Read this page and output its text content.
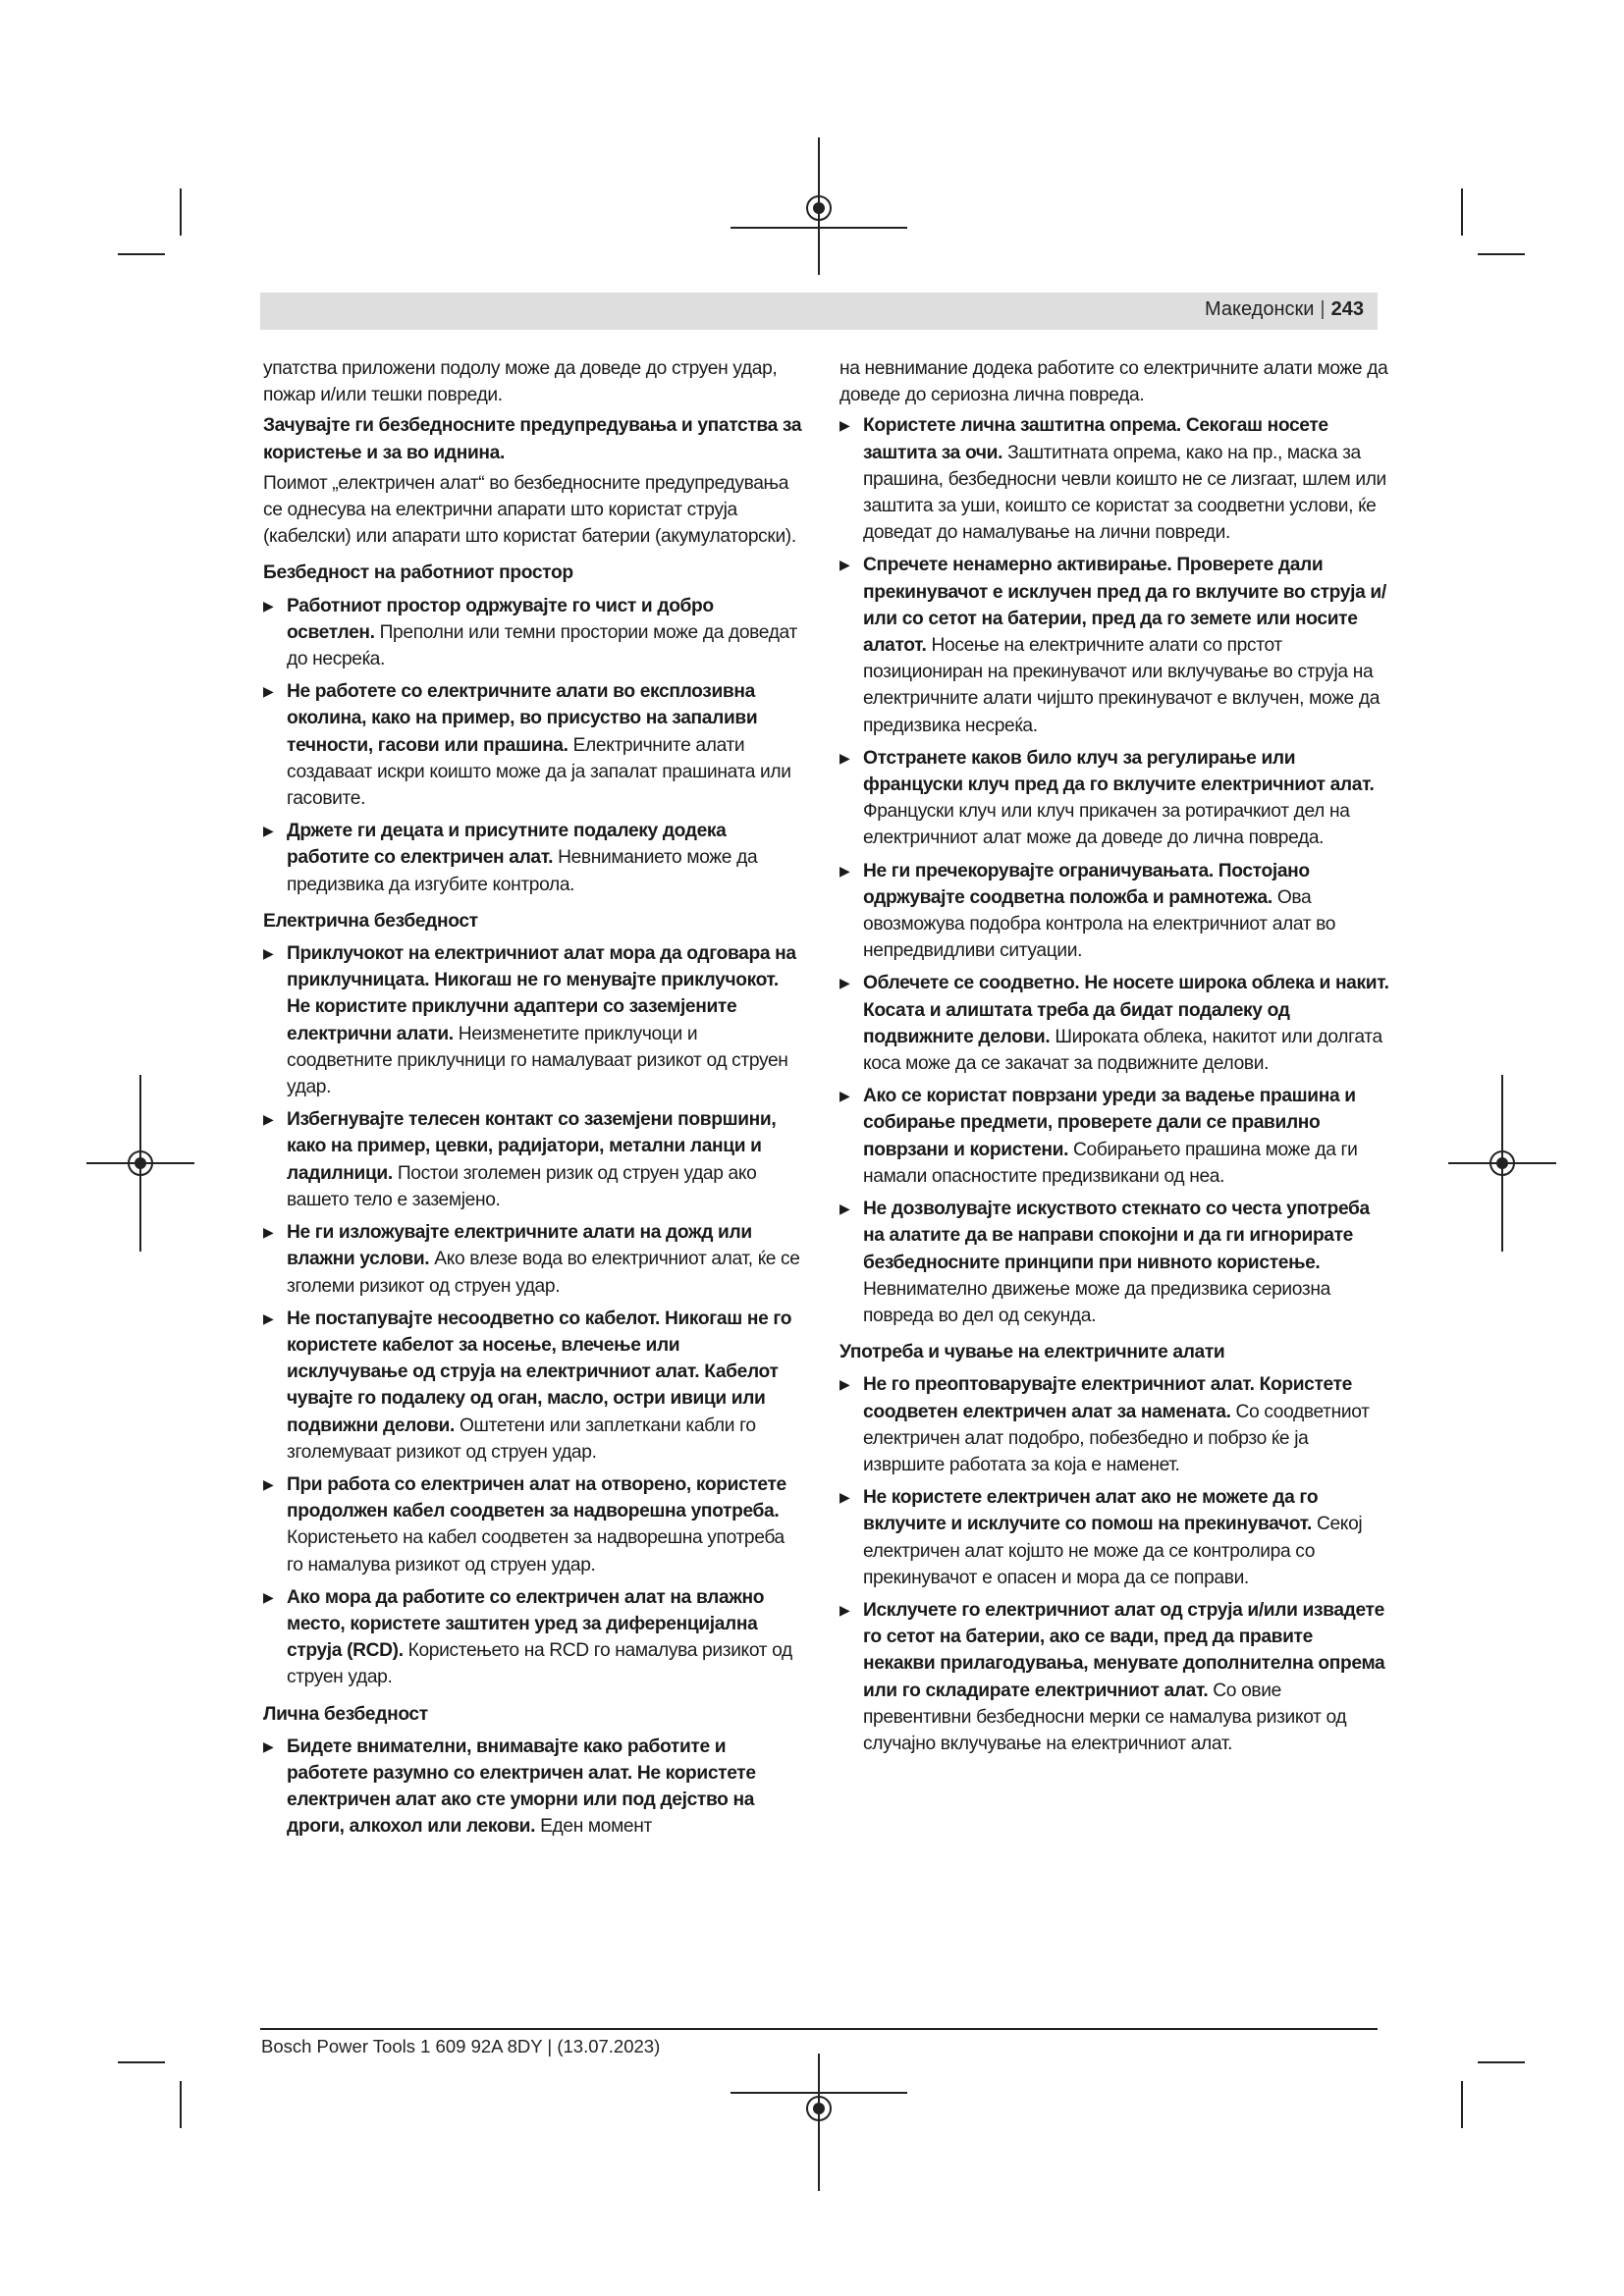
Македонски | 243

упатства приложени подолу може да доведе до струен удар, пожар и/или тешки повреди.

Зачувајте ги безбедносните предупредувања и упатства за користење и за во иднина.

Поимот „електричен алат“ во безбедносните предупредувања се однесува на електрични апарати што користат струја (кабелски) или апарати што користат батерии (акумулаторски).

Безбедност на работниот простор
▶ Работниот простор одржувајте го чист и добро осветлен. Преполни или темни простории може да доведат до несреќа.
▶ Не работете со електричните алати во експлозивна околина, како на пример, во присуство на запаливи течности, гасови или прашина. Електричните алати создаваат искри коишто може да ја запалат прашината или гасовите.
▶ Држете ги децата и присутните подалеку додека работите со електричен алат. Невниманието може да предизвика да изгубите контрола.
Електрична безбедност
▶ Приклучокот на електричниот алат мора да одговара на приклучницата. Никогаш не го менувајте приклучокот. Не користите приклучни адаптери со заземјените електрични алати. Неизменетите приклучоци и соодветните приклучници го намалуваат ризикот од струен удар.
▶ Избегнувајте телесен контакт со заземјени површини, како на пример, цевки, радијатори, метални ланци и ладилници. Постои зголемен ризик од струен удар ако вашето тело е заземјено.
▶ Не ги изложувајте електричните алати на дожд или влажни услови. Ако влезе вода во електричниот алат, ќе се зголеми ризикот од струен удар.
▶ Не постапувајте несоодветно со кабелот. Никогаш не го користете кабелот за носење, влечење или исклучување од струја на електричниот алат. Кабелот чувајте го подалеку од оган, масло, остри ивици или подвижни делови. Оштетени или заплеткани кабли го зголемуваат ризикот од струен удар.
▶ При работа со електричен алат на отворено, користете продолжен кабел соодветен за надворешна употреба. Користењето на кабел соодветен за надворешна употреба го намалува ризикот од струен удар.
▶ Ако мора да работите со електричен алат на влажно место, користете заштитен уред за диференцијална струја (RCD). Користењето на RCD го намалува ризикот од струен удар.
Лична безбедност
▶ Бидете внимателни, внимавајте како работите и работете разумно со електричен алат. Не користете електричен алат ако сте уморни или под дејство на дроги, алкохол или лекови. Еден момент

на невнимание додека работите со електричните алати може да доведе до сериозна лична повреда.

▶ Користете лична заштитна опрема. Секогаш носете заштита за очи. Заштитната опрема, како на пр., маска за прашина, безбедносни чевли коишто не се лизгаат, шлем или заштита за уши, коишто се користат за соодветни услови, ќе доведат до намалување на лични повреди.
▶ Спречете ненамерно активирање. Проверете дали прекинувачот е исклучен пред да го вклучите во струја и/или со сетот на батерии, пред да го земете или носите алатот. Носење на електричните алати со прстот позициониран на прекинувачот или вклучување во струја на електричните алати чијшто прекинувачот е вклучен, може да предизвика несреќа.
▶ Отстранете каков било клуч за регулирање или француски клуч пред да го вклучите електричниот алат. Француски клуч или клуч прикачен за ротирачкиот дел на електричниот алат може да доведе до лична повреда.
▶ Не ги пречекорувајте ограничувањата. Постојано одржувајте соодветна положба и рамнотежа. Ова овозможува подобра контрола на електричниот алат во непредвидливи ситуации.
▶ Облечете се соодветно. Не носете широка облека и накит. Косата и алиштата треба да бидат подалеку од подвижните делови. Широката облека, накитот или долгата коса може да се закачат за подвижните делови.
▶ Ако се користат поврзани уреди за вадење прашина и собирање предмети, проверете дали се правилно поврзани и користени. Собирањето прашина може да ги намали опасностите предизвикани од неа.
▶ Не дозволувајте искуството стекнато со честа употреба на алатите да ве направи спокојни и да ги игнорирате безбедносните принципи при нивното користење. Невнимателно движење може да предизвика сериозна повреда во дел од секунда.
Употреба и чување на електричните алати
▶ Не го преоптоварувајте електричниот алат. Користете соодветен електричен алат за намената. Со соодветниот електричен алат подобро, побезбедно и побрзо ќе ја извршите работата за која е наменет.
▶ Не користете електричен алат ако не можете да го вклучите и исклучите со помош на прекинувачот. Секој електричен алат којшто не може да се контролира со прекинувачот е опасен и мора да се поправи.
▶ Исклучете го електричниот алат од струја и/или извадете го сетот на батерии, ако се вади, пред да правите некакви прилагодувања, менувате дополнителна опрема или го складирате електричниот алат. Со овие превентивни безбедносни мерки се намалува ризикот од случајно вклучување на електричниот алат.
Bosch Power Tools 1 609 92A 8DY | (13.07.2023)
